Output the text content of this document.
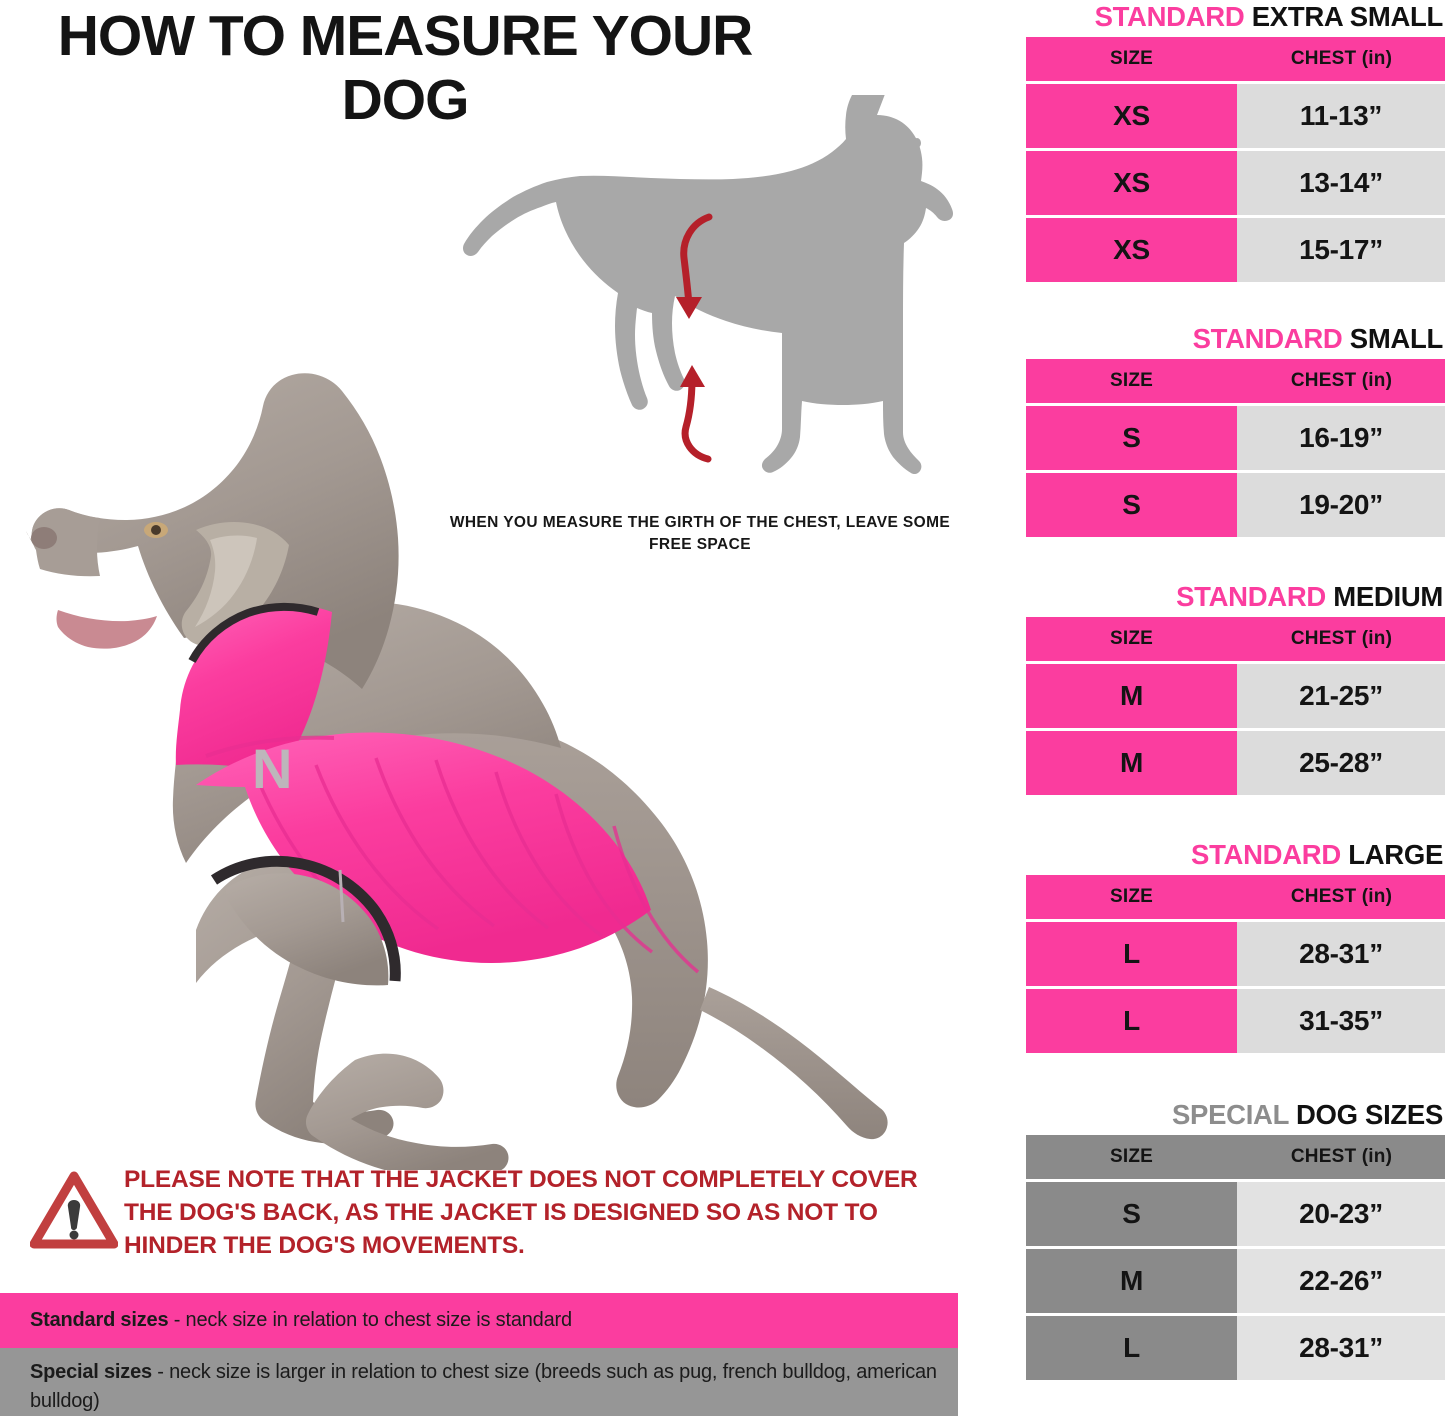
HOW TO MEASURE YOUR DOG
WHEN YOU MEASURE THE GIRTH OF THE CHEST, LEAVE SOME FREE SPACE
N
PLEASE NOTE THAT THE JACKET DOES NOT COMPLETELY COVER THE DOG'S BACK, AS THE JACKET IS DESIGNED SO AS NOT TO HINDER THE DOG'S MOVEMENTS.
Standard sizes - neck size in relation to chest size is standard
Special sizes - neck size is larger in relation to chest size (breeds such as pug, french bulldog, american bulldog)
STANDARD EXTRA SMALL
SIZE	CHEST (in)
XS	11-13”
XS	13-14”
XS	15-17”
STANDARD SMALL
SIZE	CHEST (in)
S	16-19”
S	19-20”
STANDARD MEDIUM
SIZE	CHEST (in)
M	21-25”
M	25-28”
STANDARD LARGE
SIZE	CHEST (in)
L	28-31”
L	31-35”
SPECIAL DOG SIZES
SIZE	CHEST (in)
S	20-23”
M	22-26”
L	28-31”
